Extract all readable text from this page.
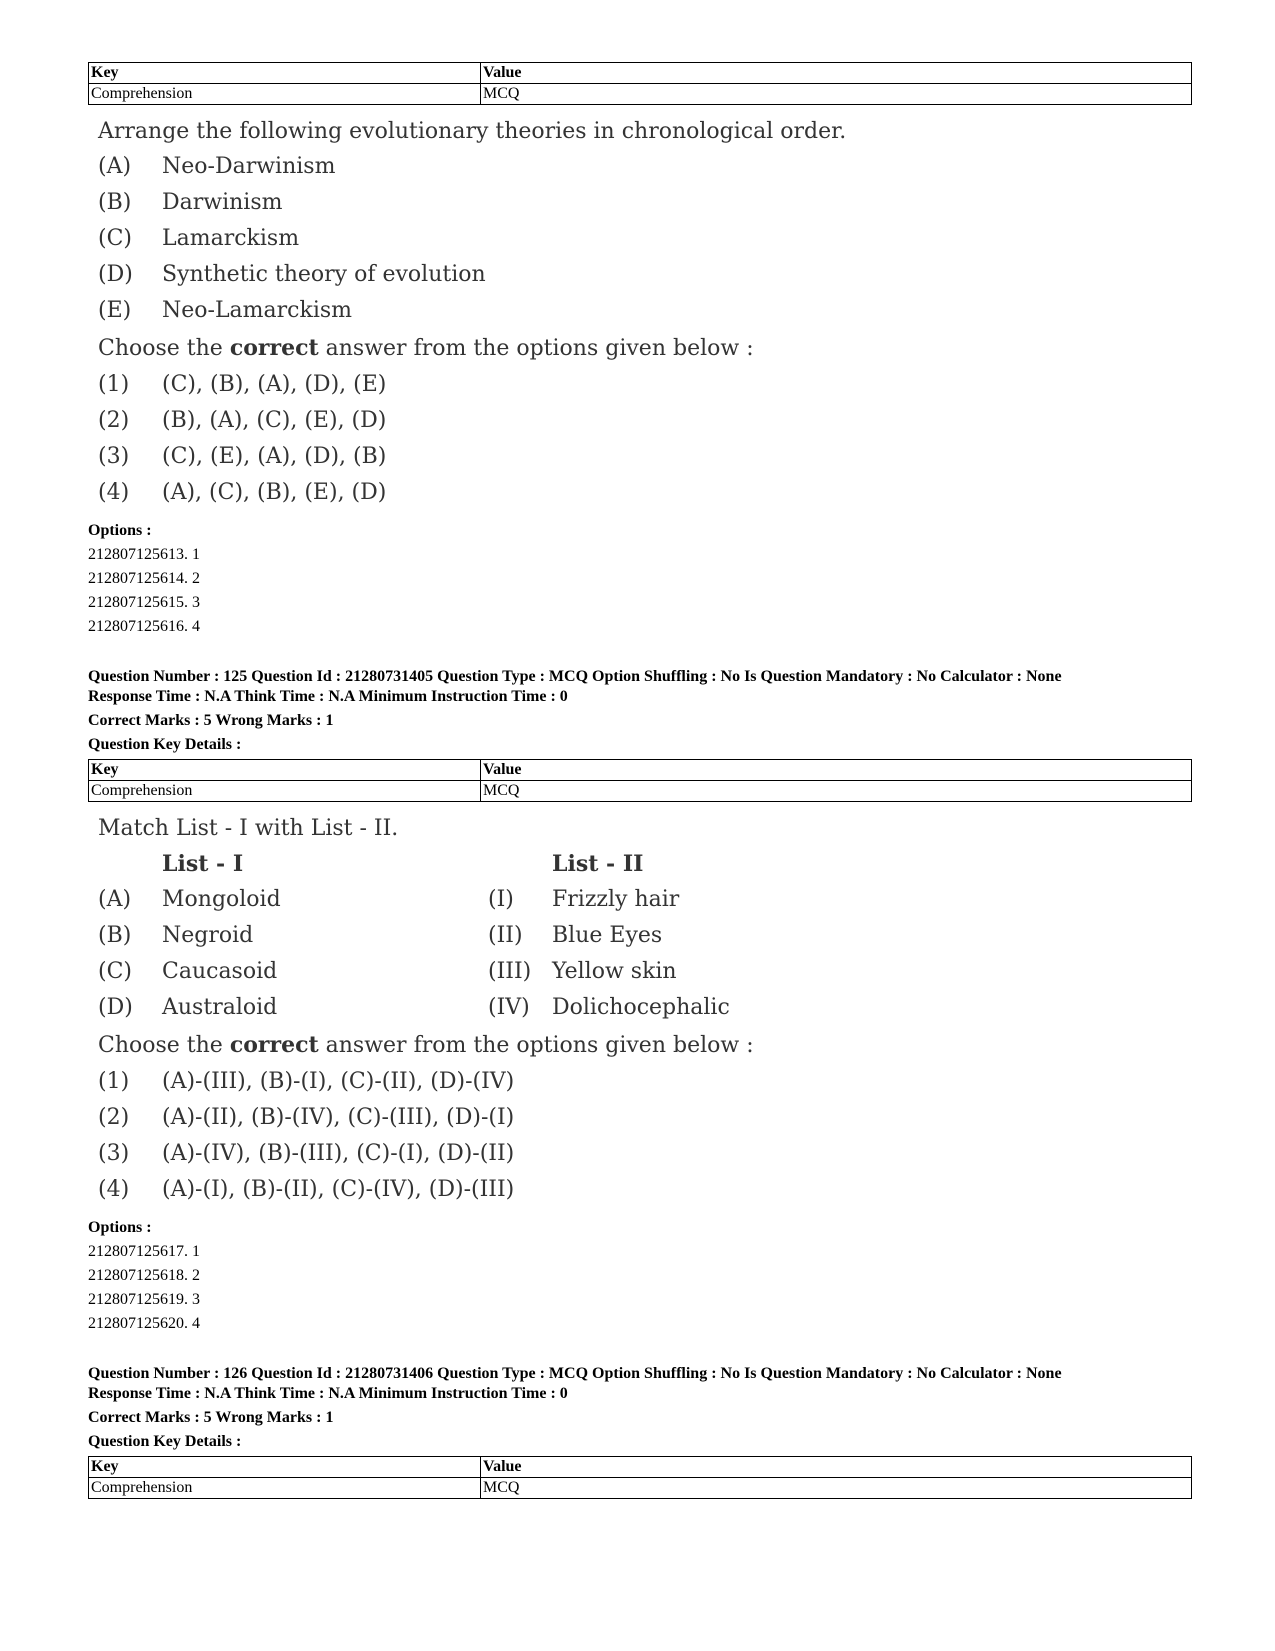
Key	Value
Comprehension	MCQ
Arrange the following evolutionary theories in chronological order.
(A)	Neo-Darwinism
(B)	Darwinism
(C)	Lamarckism
(D)	Synthetic theory of evolution
(E)	Neo-Lamarckism
Choose the correct answer from the options given below :
(1)	(C), (B), (A), (D), (E)
(2)	(B), (A), (C), (E), (D)
(3)	(C), (E), (A), (D), (B)
(4)	(A), (C), (B), (E), (D)
Options :
212807125613. 1
212807125614. 2
212807125615. 3
212807125616. 4
Question Number : 125 Question Id : 21280731405 Question Type : MCQ Option Shuffling : No Is Question Mandatory : No Calculator : None
Response Time : N.A Think Time : N.A Minimum Instruction Time : 0
Correct Marks : 5 Wrong Marks : 1
Question Key Details :
Key	Value
Comprehension	MCQ
Match List - I with List - II.
List - I	List - II
(A)	Mongoloid	(I)	Frizzly hair
(B)	Negroid	(II)	Blue Eyes
(C)	Caucasoid	(III) Yellow skin
(D)	Australoid	(IV)	Dolichocephalic
Choose the correct answer from the options given below :
(1)	(A)-(III), (B)-(I), (C)-(II), (D)-(IV)
(2)	(A)-(II), (B)-(IV), (C)-(III), (D)-(I)
(3)	(A)-(IV), (B)-(III), (C)-(I), (D)-(II)
(4)	(A)-(I), (B)-(II), (C)-(IV), (D)-(III)
Options :
212807125617. 1
212807125618. 2
212807125619. 3
212807125620. 4
Question Number : 126 Question Id : 21280731406 Question Type : MCQ Option Shuffling : No Is Question Mandatory : No Calculator : None
Response Time : N.A Think Time : N.A Minimum Instruction Time : 0
Correct Marks : 5 Wrong Marks : 1
Question Key Details :
Key	Value
Comprehension	MCQ
